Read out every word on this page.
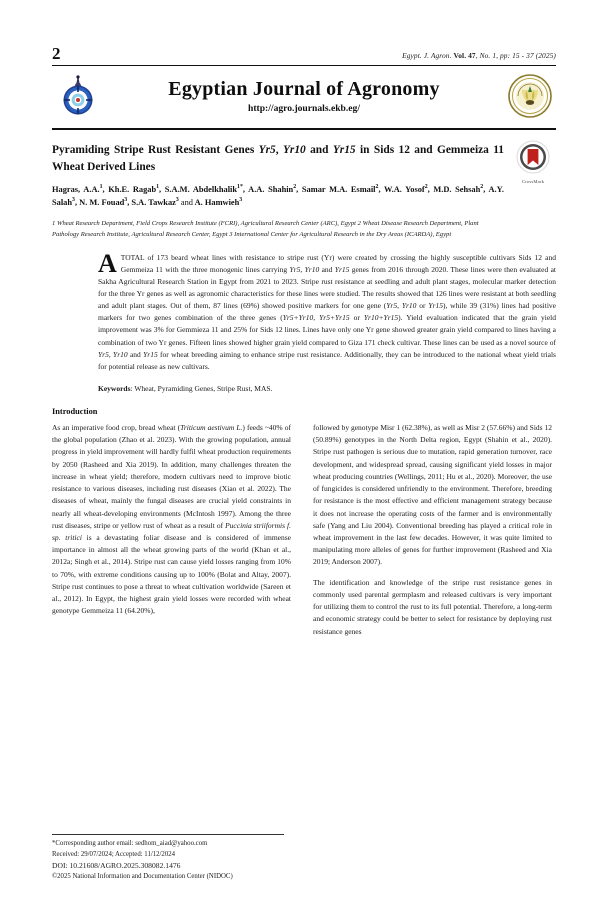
2	Egypt. J. Agron. Vol. 47, No. 1, pp: 15 - 37 (2025)
Egyptian Journal of Agronomy
http://agro.journals.ekb.eg/
CrossMark
Pyramiding Stripe Rust Resistant Genes Yr5, Yr10 and Yr15 in Sids 12 and Gemmeiza 11 Wheat Derived Lines
Hagras, A.A.$^1$, Kh.E. Ragab$^1$, S.A.M. Abdelkhalik$^{1*}$, A.A. Shahin$^2$, Samar M.A. Esmail$^2$, W.A. Yosof$^2$, M.D. Sehsah$^2$, A.Y. Salah$^3$, N. M. Fouad$^3$, S.A. Tawkaz$^3$ and A. Hamwieh$^3$
1 Wheat Research Department, Field Crops Research Institute (FCRI), Agricultural Research Center (ARC), Egypt 2 Wheat Disease Research Department, Plant Pathology Research Institute, Agricultural Research Center, Egypt 3 International Center for Agricultural Research in the Dry Areas (ICARDA), Egypt
A TOTAL of 173 beard wheat lines with resistance to stripe rust (Yr) were created by crossing the highly susceptible cultivars Sids 12 and Gemmeiza 11 with the three monogenic lines carrying Yr5, Yr10 and Yr15 genes from 2016 through 2020. These lines were then evaluated at Sakha Agricultural Research Station in Egypt from 2021 to 2023. Stripe rust resistance at seedling and adult plant stages, molecular marker detection for the three Yr genes as well as agronomic characteristics for these lines were studied. The results showed that 126 lines were resistant at both seedling and adult plant stages. Out of them, 87 lines (69%) showed positive markers for one gene (Yr5, Yr10 or Yr15), while 39 (31%) lines had positive markers for two genes combination of the three genes (Yr5+Yr10, Yr5+Yr15 or Yr10+Yr15). Yield evaluation indicated that the grain yield improvement was 3% for Gemmieza 11 and 25% for Sids 12 lines. Lines have only one Yr gene showed greater grain yield compared to lines having a combination of two Yr genes. Fifteen lines showed higher grain yield compared to Giza 171 check cultivar. These lines can be used as a novel source of Yr5, Yr10 and Yr15 for wheat breeding aiming to enhance stripe rust resistance. Additionally, they can be introduced to the national wheat yield trials for potential release as new cultivars.

Keywords: Wheat, Pyramiding Genes, Stripe Rust, MAS.
Introduction

As an imperative food crop, bread wheat (Triticum aestivum L.) feeds ~40% of the global population (Zhao et al. 2023). With the growing population, annual progress in yield improvement will hardly fulfil wheat production requirements by 2050 (Rasheed and Xia 2019). In addition, many challenges threaten the increase in wheat yield; therefore, modern cultivars need to improve biotic resistance to various diseases, including rust diseases (Xiao et al. 2022). The diseases of wheat, mainly the fungal diseases are crucial yield constraints in nearly all wheat-developing environments (McIntosh 1997). Among the three rust diseases, stripe or yellow rust of wheat as a result of Puccinia striiformis f. sp. tritici is a devastating foliar disease and is considered of immense importance in almost all the wheat growing parts of the world (Khan et al., 2012a; Singh et al., 2014). Stripe rust can cause yield losses ranging from 10% to 70%, with extreme conditions causing up to 100% (Bolat and Altay, 2007). Stripe rust continues to pose a threat to wheat cultivation worldwide (Sareen et al., 2012). In Egypt, the highest grain yield losses were recorded with wheat genotype Gemmeiza 11 (64.20%),

followed by genotype Misr 1 (62.38%), as well as Misr 2 (57.66%) and Sids 12 (50.89%) genotypes in the North Delta region, Egypt (Shahin et al., 2020). Stripe rust pathogen is serious due to mutation, rapid generation turnover, race development, and widespread spread, causing significant yield losses in major wheat producing countries (Wellings, 2011; Hu et al., 2020). Moreover, the use of fungicides is considered unfriendly to the environment. Therefore, breeding for resistance is the most effective and efficient management strategy because it does not increase the operating costs of the farmer and is environmentally safe (Yang and Liu 2004). Conventional breeding has played a critical role in wheat improvement in the last few decades. However, it was quite limited to manipulating more alleles of genes for further improvement (Rasheed and Xia 2019; Anderson 2007).

The identification and knowledge of the stripe rust resistance genes in commonly used parental germplasm and released cultivars is very important for utilizing them to control the rust to its full potential. Therefore, a long-term and economic strategy could be better to select for resistance by deploying rust resistance genes

*Corresponding author email: sedhom_aiad@yahoo.com
Received: 29/07/2024; Accepted: 11/12/2024
DOI: 10.21608/AGRO.2025.308082.1476
©2025 National Information and Documentation Center (NIDOC)
